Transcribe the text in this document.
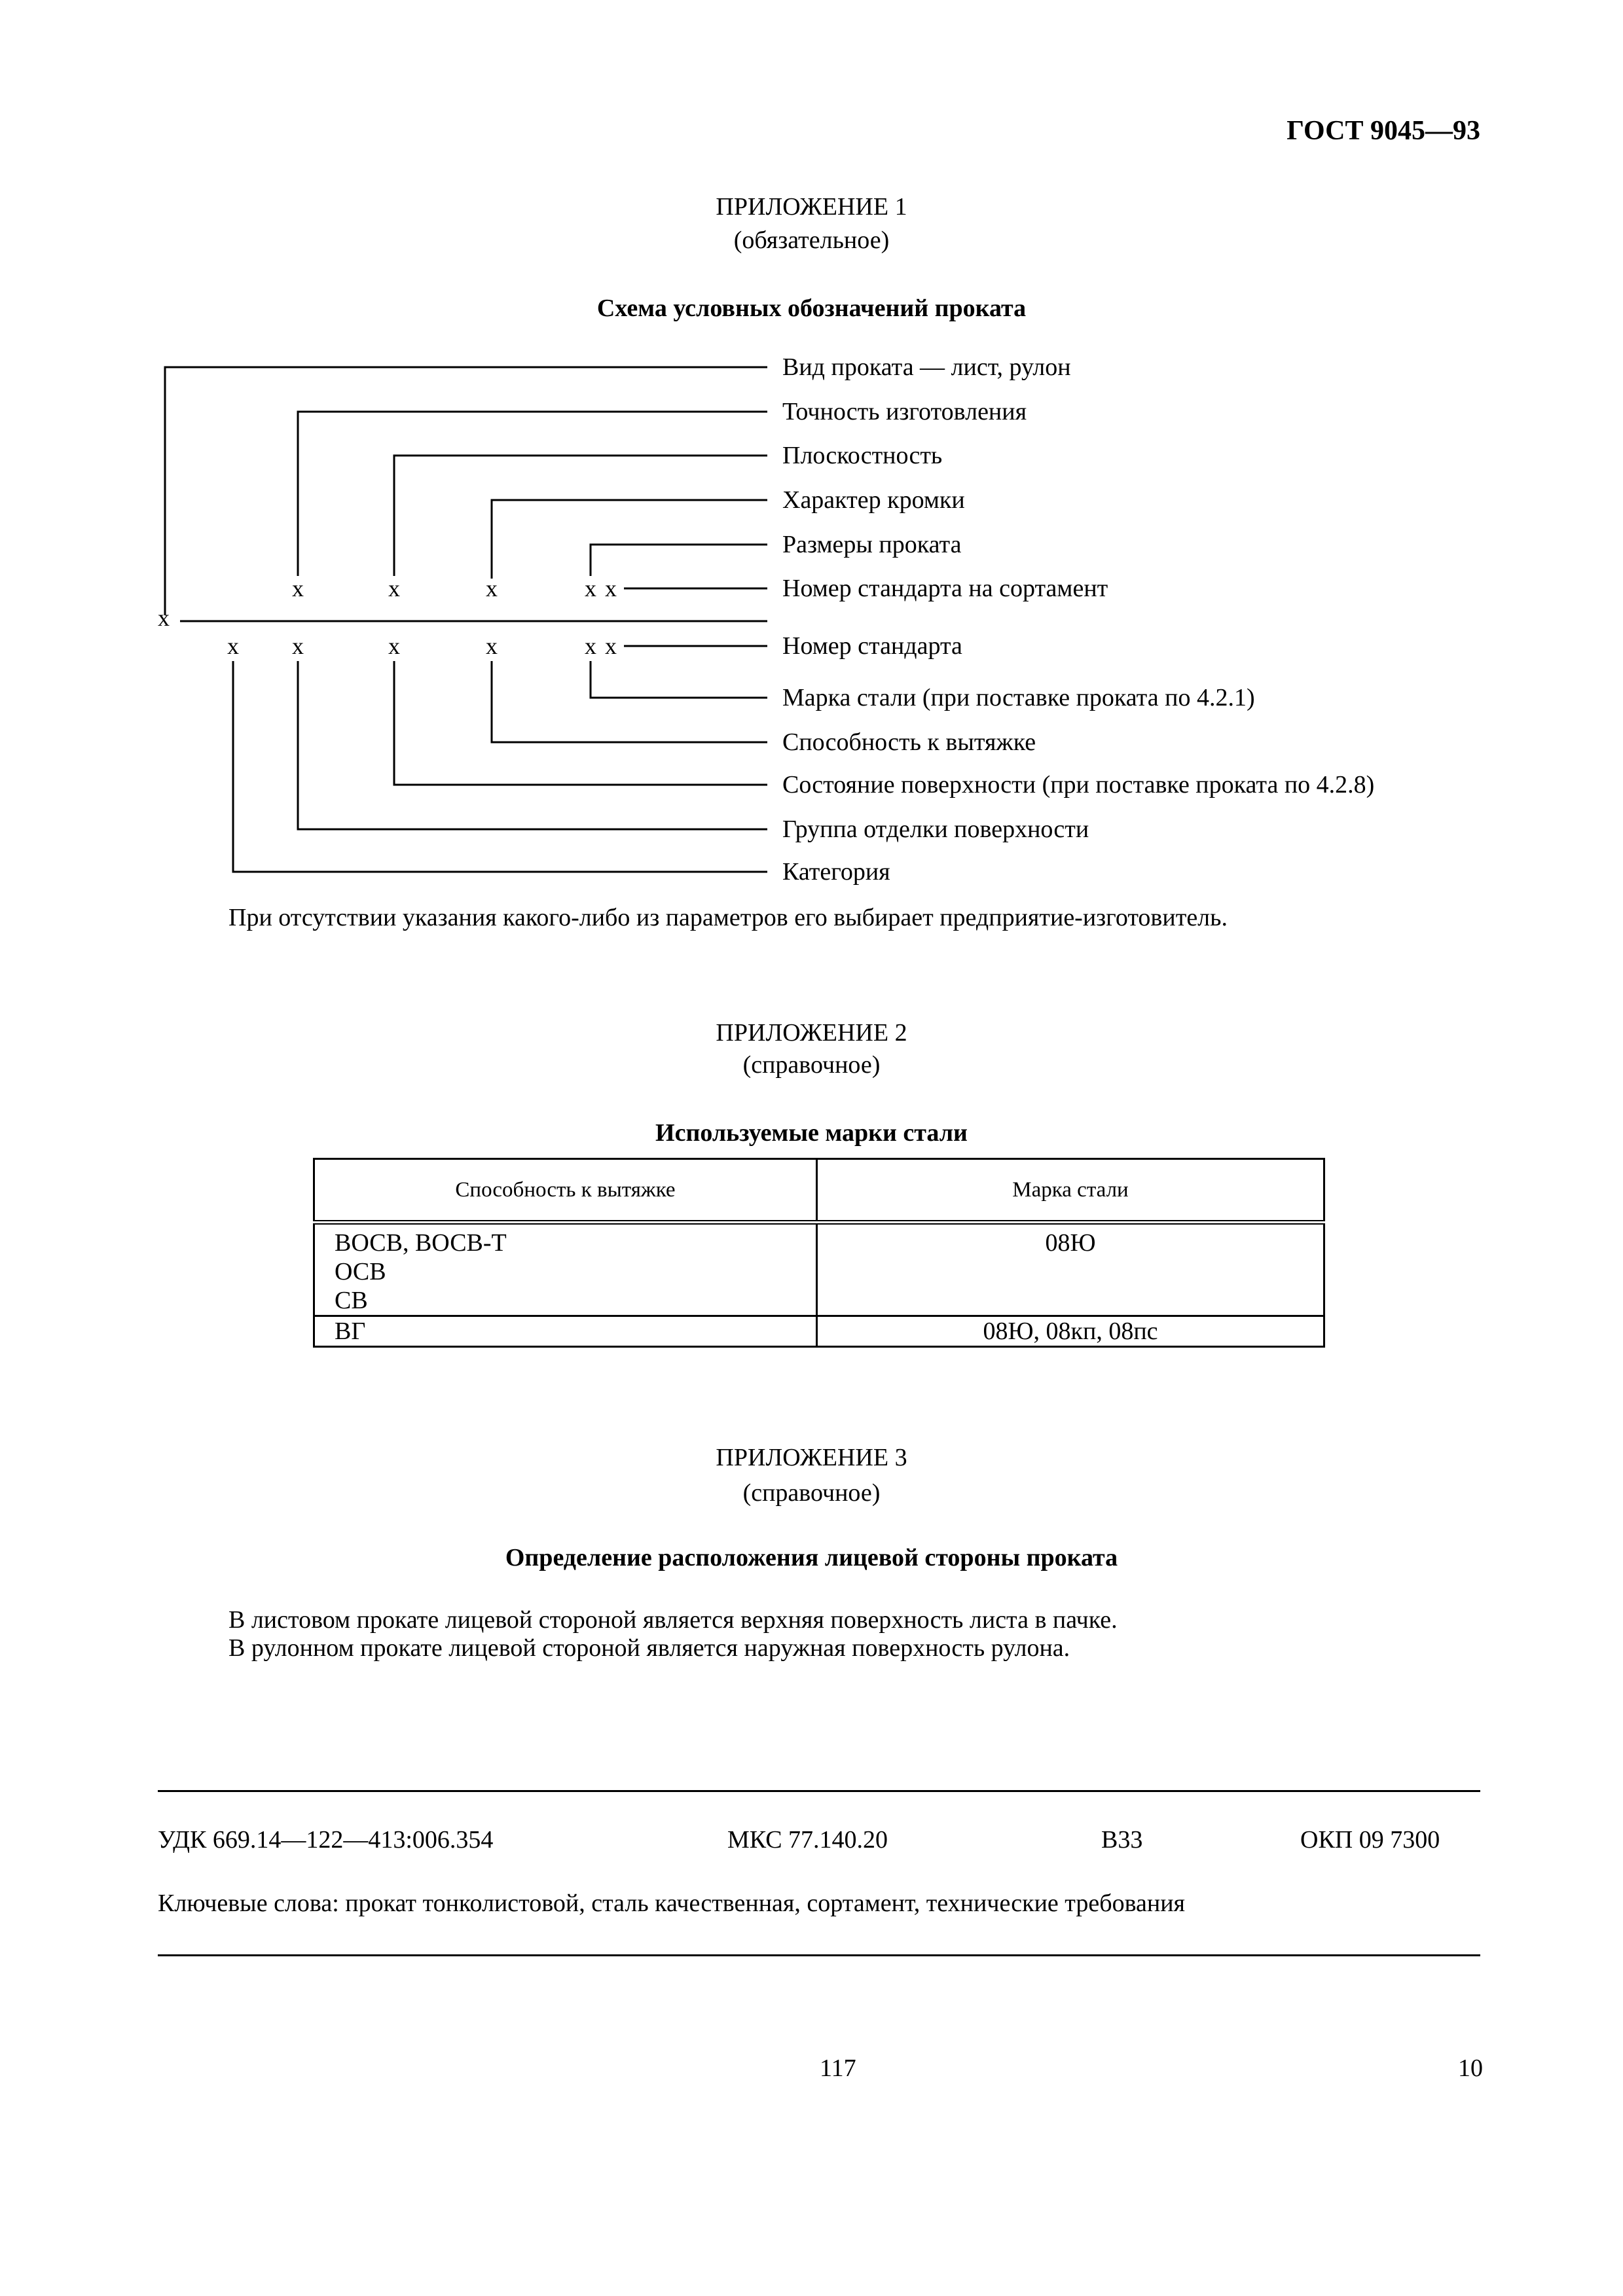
ГОСТ 9045—93
ПРИЛОЖЕНИЕ 1
(обязательное)
Схема условных обозначений проката
x
x	x	x	x x
x x	x	x	x x
Вид проката — лист, рулон
Точность изготовления
Плоскостность
Характер кромки
Размеры проката
Номер стандарта на сортамент
Номер стандарта
Марка стали (при поставке проката по 4.2.1)
Способность к вытяжке
Состояние поверхности (при поставке проката по 4.2.8)
Группа отделки поверхности
Категория
При отсутствии указания какого-либо из параметров его выбирает предприятие-изготовитель.
ПРИЛОЖЕНИЕ 2
(справочное)
Используемые марки стали
Способность к вытяжке	Марка стали

ВОСВ, ВОСВ-Т
ОСВ
СВ	08Ю
ВГ	08Ю, 08кп, 08пс
ПРИЛОЖЕНИЕ 3
(справочное)
Определение расположения лицевой стороны проката
В листовом прокате лицевой стороной является верхняя поверхность листа в пачке.
В рулонном прокате лицевой стороной является наружная поверхность рулона.
УДК 669.14—122—413:006.354	МКС 77.140.20	В33	ОКП 09 7300
Ключевые слова: прокат тонколистовой, сталь качественная, сортамент, технические требования
117	10
